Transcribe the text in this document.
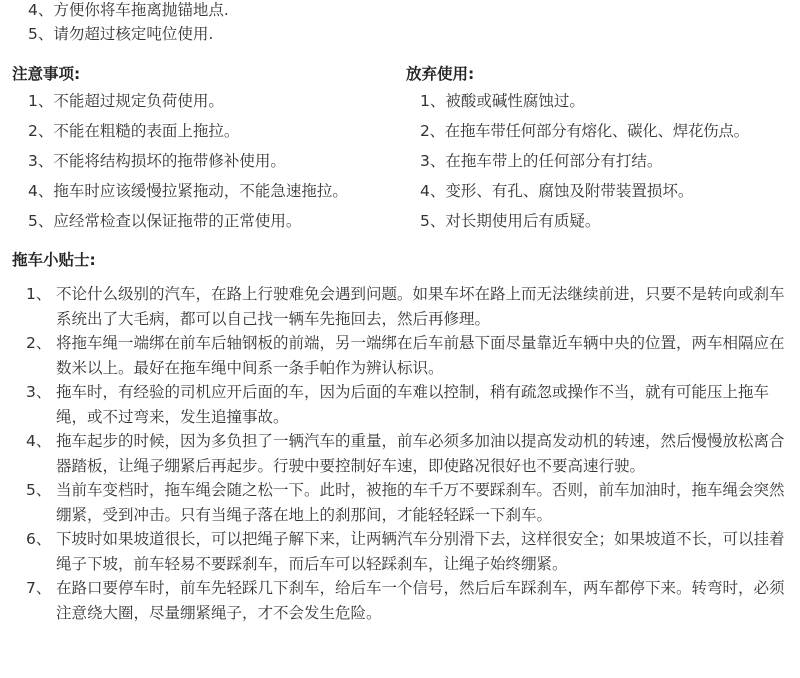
4、方便你将车拖离抛锚地点.
5、请勿超过核定吨位使用.
注意事项:
1、不能超过规定负荷使用。
2、不能在粗糙的表面上拖拉。
3、不能将结构损坏的拖带修补使用。
4、拖车时应该缓慢拉紧拖动，不能急速拖拉。
5、应经常检查以保证拖带的正常使用。
放弃使用:
1、被酸或碱性腐蚀过。
2、在拖车带任何部分有熔化、碳化、焊花伤点。
3、在拖车带上的任何部分有打结。
4、变形、有孔、腐蚀及附带装置损坏。
5、对长期使用后有质疑。
拖车小贴士:
1、 不论什么级别的汽车，在路上行驶难免会遇到问题。如果车坏在路上而无法继续前进，只要不是转向或刹车系统出了大毛病，都可以自己找一辆车先拖回去，然后再修理。
2、 将拖车绳一端绑在前车后轴钢板的前端，另一端绑在后车前悬下面尽量靠近车辆中央的位置，两车相隔应在数米以上。最好在拖车绳中间系一条手帕作为辨认标识。
3、 拖车时，有经验的司机应开后面的车，因为后面的车难以控制，稍有疏忽或操作不当，就有可能压上拖车绳，或不过弯来，发生追撞事故。
4、 拖车起步的时候，因为多负担了一辆汽车的重量，前车必须多加油以提高发动机的转速，然后慢慢放松离合器踏板，让绳子绷紧后再起步。行驶中要控制好车速，即使路况很好也不要高速行驶。
5、 当前车变档时，拖车绳会随之松一下。此时，被拖的车千万不要踩刹车。否则，前车加油时，拖车绳会突然绷紧，受到冲击。只有当绳子落在地上的刹那间，才能轻轻踩一下刹车。
6、 下坡时如果坡道很长，可以把绳子解下来，让两辆汽车分别滑下去，这样很安全；如果坡道不长，可以挂着绳子下坡，前车轻易不要踩刹车，而后车可以轻踩刹车，让绳子始终绷紧。
7、 在路口要停车时，前车先轻踩几下刹车，给后车一个信号，然后后车踩刹车，两车都停下来。转弯时，必须注意绕大圈，尽量绷紧绳子，才不会发生危险。
